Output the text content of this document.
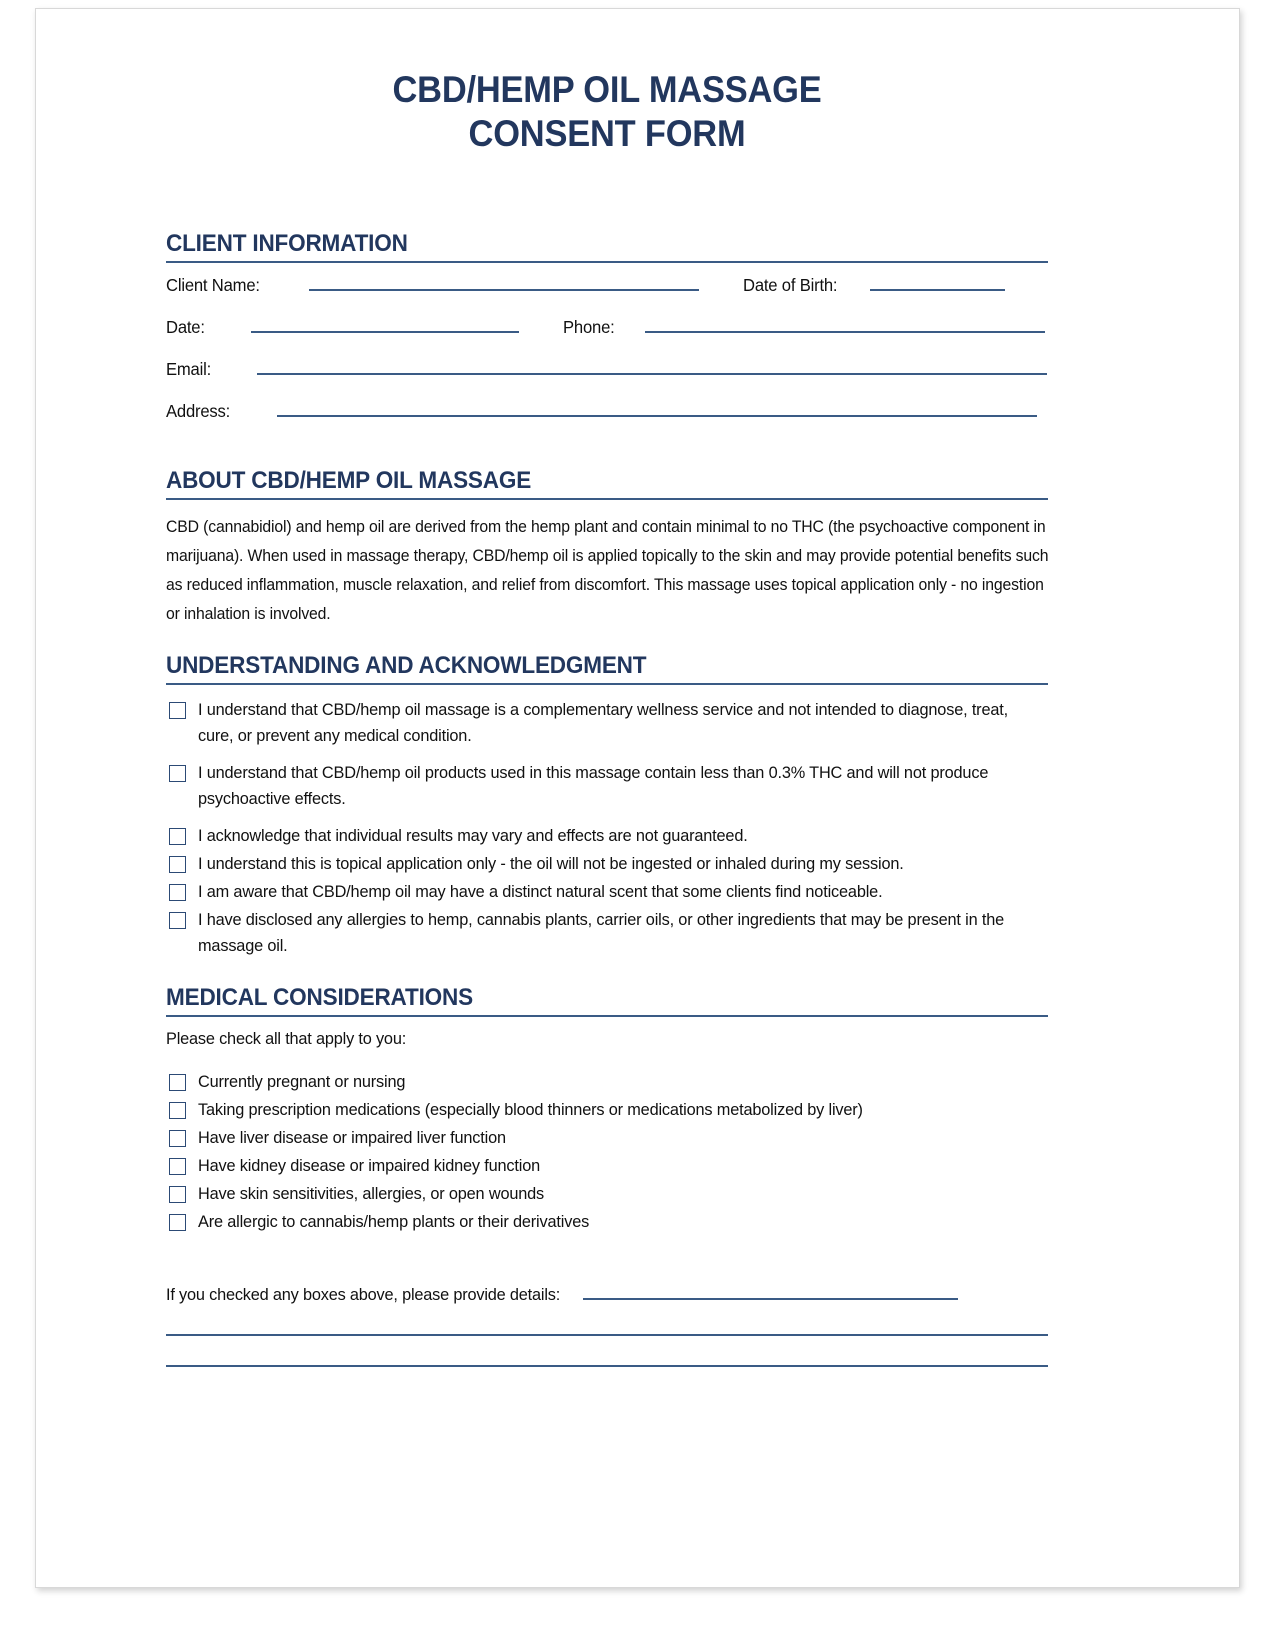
CBD/HEMP OIL MASSAGE
CONSENT FORM
CLIENT INFORMATION
Client Name:	Date of Birth:
Date:	Phone:
Email:
Address:
ABOUT CBD/HEMP OIL MASSAGE
CBD (cannabidiol) and hemp oil are derived from the hemp plant and contain minimal to no THC (the psychoactive component in marijuana). When used in massage therapy, CBD/hemp oil is applied topically to the skin and may provide potential benefits such as reduced inflammation, muscle relaxation, and relief from discomfort. This massage uses topical application only - no ingestion or inhalation is involved.
UNDERSTANDING AND ACKNOWLEDGMENT
I understand that CBD/hemp oil massage is a complementary wellness service and not intended to diagnose, treat, cure, or prevent any medical condition.
I understand that CBD/hemp oil products used in this massage contain less than 0.3% THC and will not produce psychoactive effects.
I acknowledge that individual results may vary and effects are not guaranteed.
I understand this is topical application only - the oil will not be ingested or inhaled during my session.
I am aware that CBD/hemp oil may have a distinct natural scent that some clients find noticeable.
I have disclosed any allergies to hemp, cannabis plants, carrier oils, or other ingredients that may be present in the massage oil.
MEDICAL CONSIDERATIONS
Please check all that apply to you:
Currently pregnant or nursing
Taking prescription medications (especially blood thinners or medications metabolized by liver)
Have liver disease or impaired liver function
Have kidney disease or impaired kidney function
Have skin sensitivities, allergies, or open wounds
Are allergic to cannabis/hemp plants or their derivatives
If you checked any boxes above, please provide details:
